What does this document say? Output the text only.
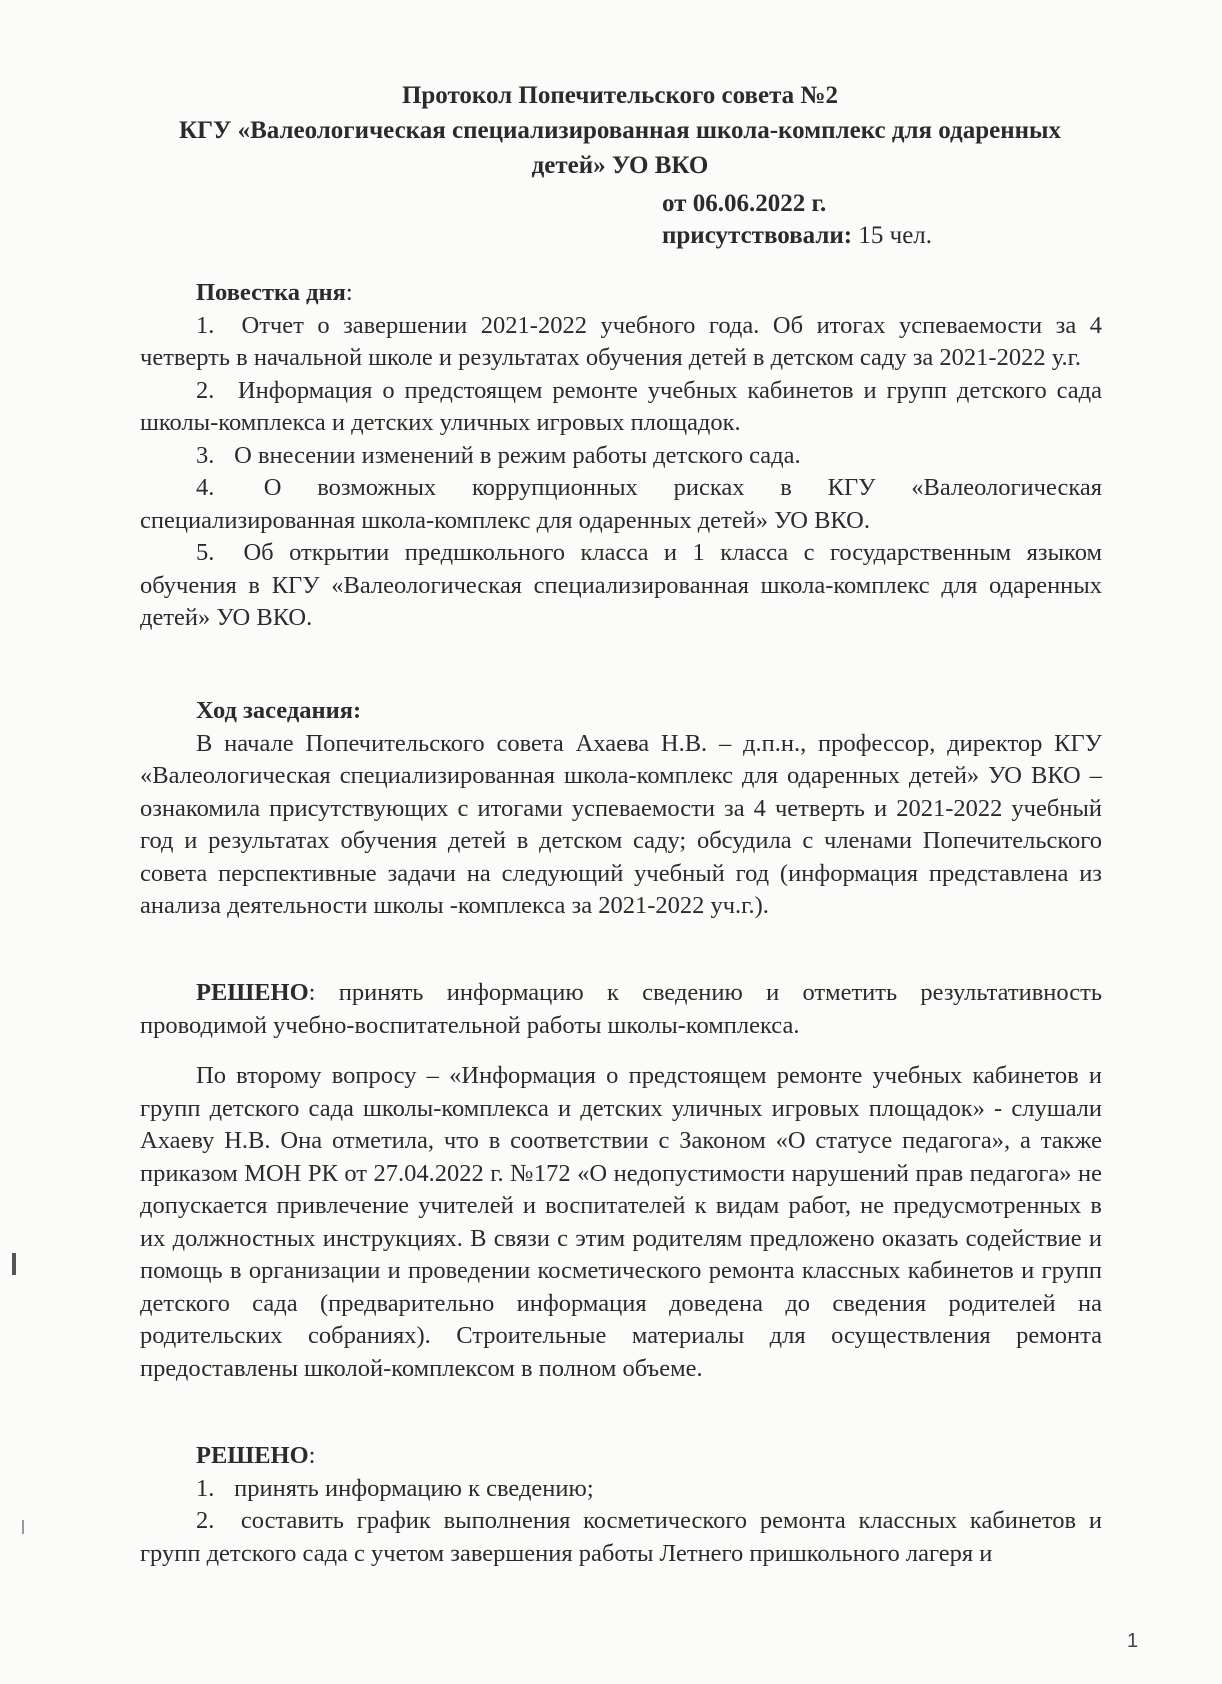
Протокол Попечительского совета №2
КГУ «Валеологическая специализированная школа-комплекс для одаренных
детей» УО ВКО
от 06.06.2022 г.
присутствовали: 15 чел.

Повестка дня:

1. Отчет о завершении 2021-2022 учебного года. Об итогах успеваемости за 4 четверть в начальной школе и результатах обучения детей в детском саду за 2021-2022 у.г.

2. Информация о предстоящем ремонте учебных кабинетов и групп детского сада школы-комплекса и детских уличных игровых площадок.

3. О внесении изменений в режим работы детского сада.

4. О возможных коррупционных рисках в КГУ «Валеологическая специализированная школа-комплекс для одаренных детей» УО ВКО.

5. Об открытии предшкольного класса и 1 класса с государственным языком обучения в КГУ «Валеологическая специализированная школа-комплекс для одаренных детей» УО ВКО.

Ход заседания:

В начале Попечительского совета Ахаева Н.В. – д.п.н., профессор, директор КГУ «Валеологическая специализированная школа-комплекс для одаренных детей» УО ВКО – ознакомила присутствующих с итогами успеваемости за 4 четверть и 2021-2022 учебный год и результатах обучения детей в детском саду; обсудила с членами Попечительского совета перспективные задачи на следующий учебный год (информация представлена из анализа деятельности школы -комплекса за 2021-2022 уч.г.).

РЕШЕНО: принять информацию к сведению и отметить результативность проводимой учебно-воспитательной работы школы-комплекса.

По второму вопросу – «Информация о предстоящем ремонте учебных кабинетов и групп детского сада школы-комплекса и детских уличных игровых площадок» - слушали Ахаеву Н.В. Она отметила, что в соответствии с Законом «О статусе педагога», а также приказом МОН РК от 27.04.2022 г. №172 «О недопустимости нарушений прав педагога» не допускается привлечение учителей и воспитателей к видам работ, не предусмотренных в их должностных инструкциях. В связи с этим родителям предложено оказать содействие и помощь в организации и проведении косметического ремонта классных кабинетов и групп детского сада (предварительно информация доведена до сведения родителей на родительских собраниях). Строительные материалы для осуществления ремонта предоставлены школой-комплексом в полном объеме.

РЕШЕНО:

1. принять информацию к сведению;

2. составить график выполнения косметического ремонта классных кабинетов и групп детского сада с учетом завершения работы Летнего пришкольного лагеря и

1
